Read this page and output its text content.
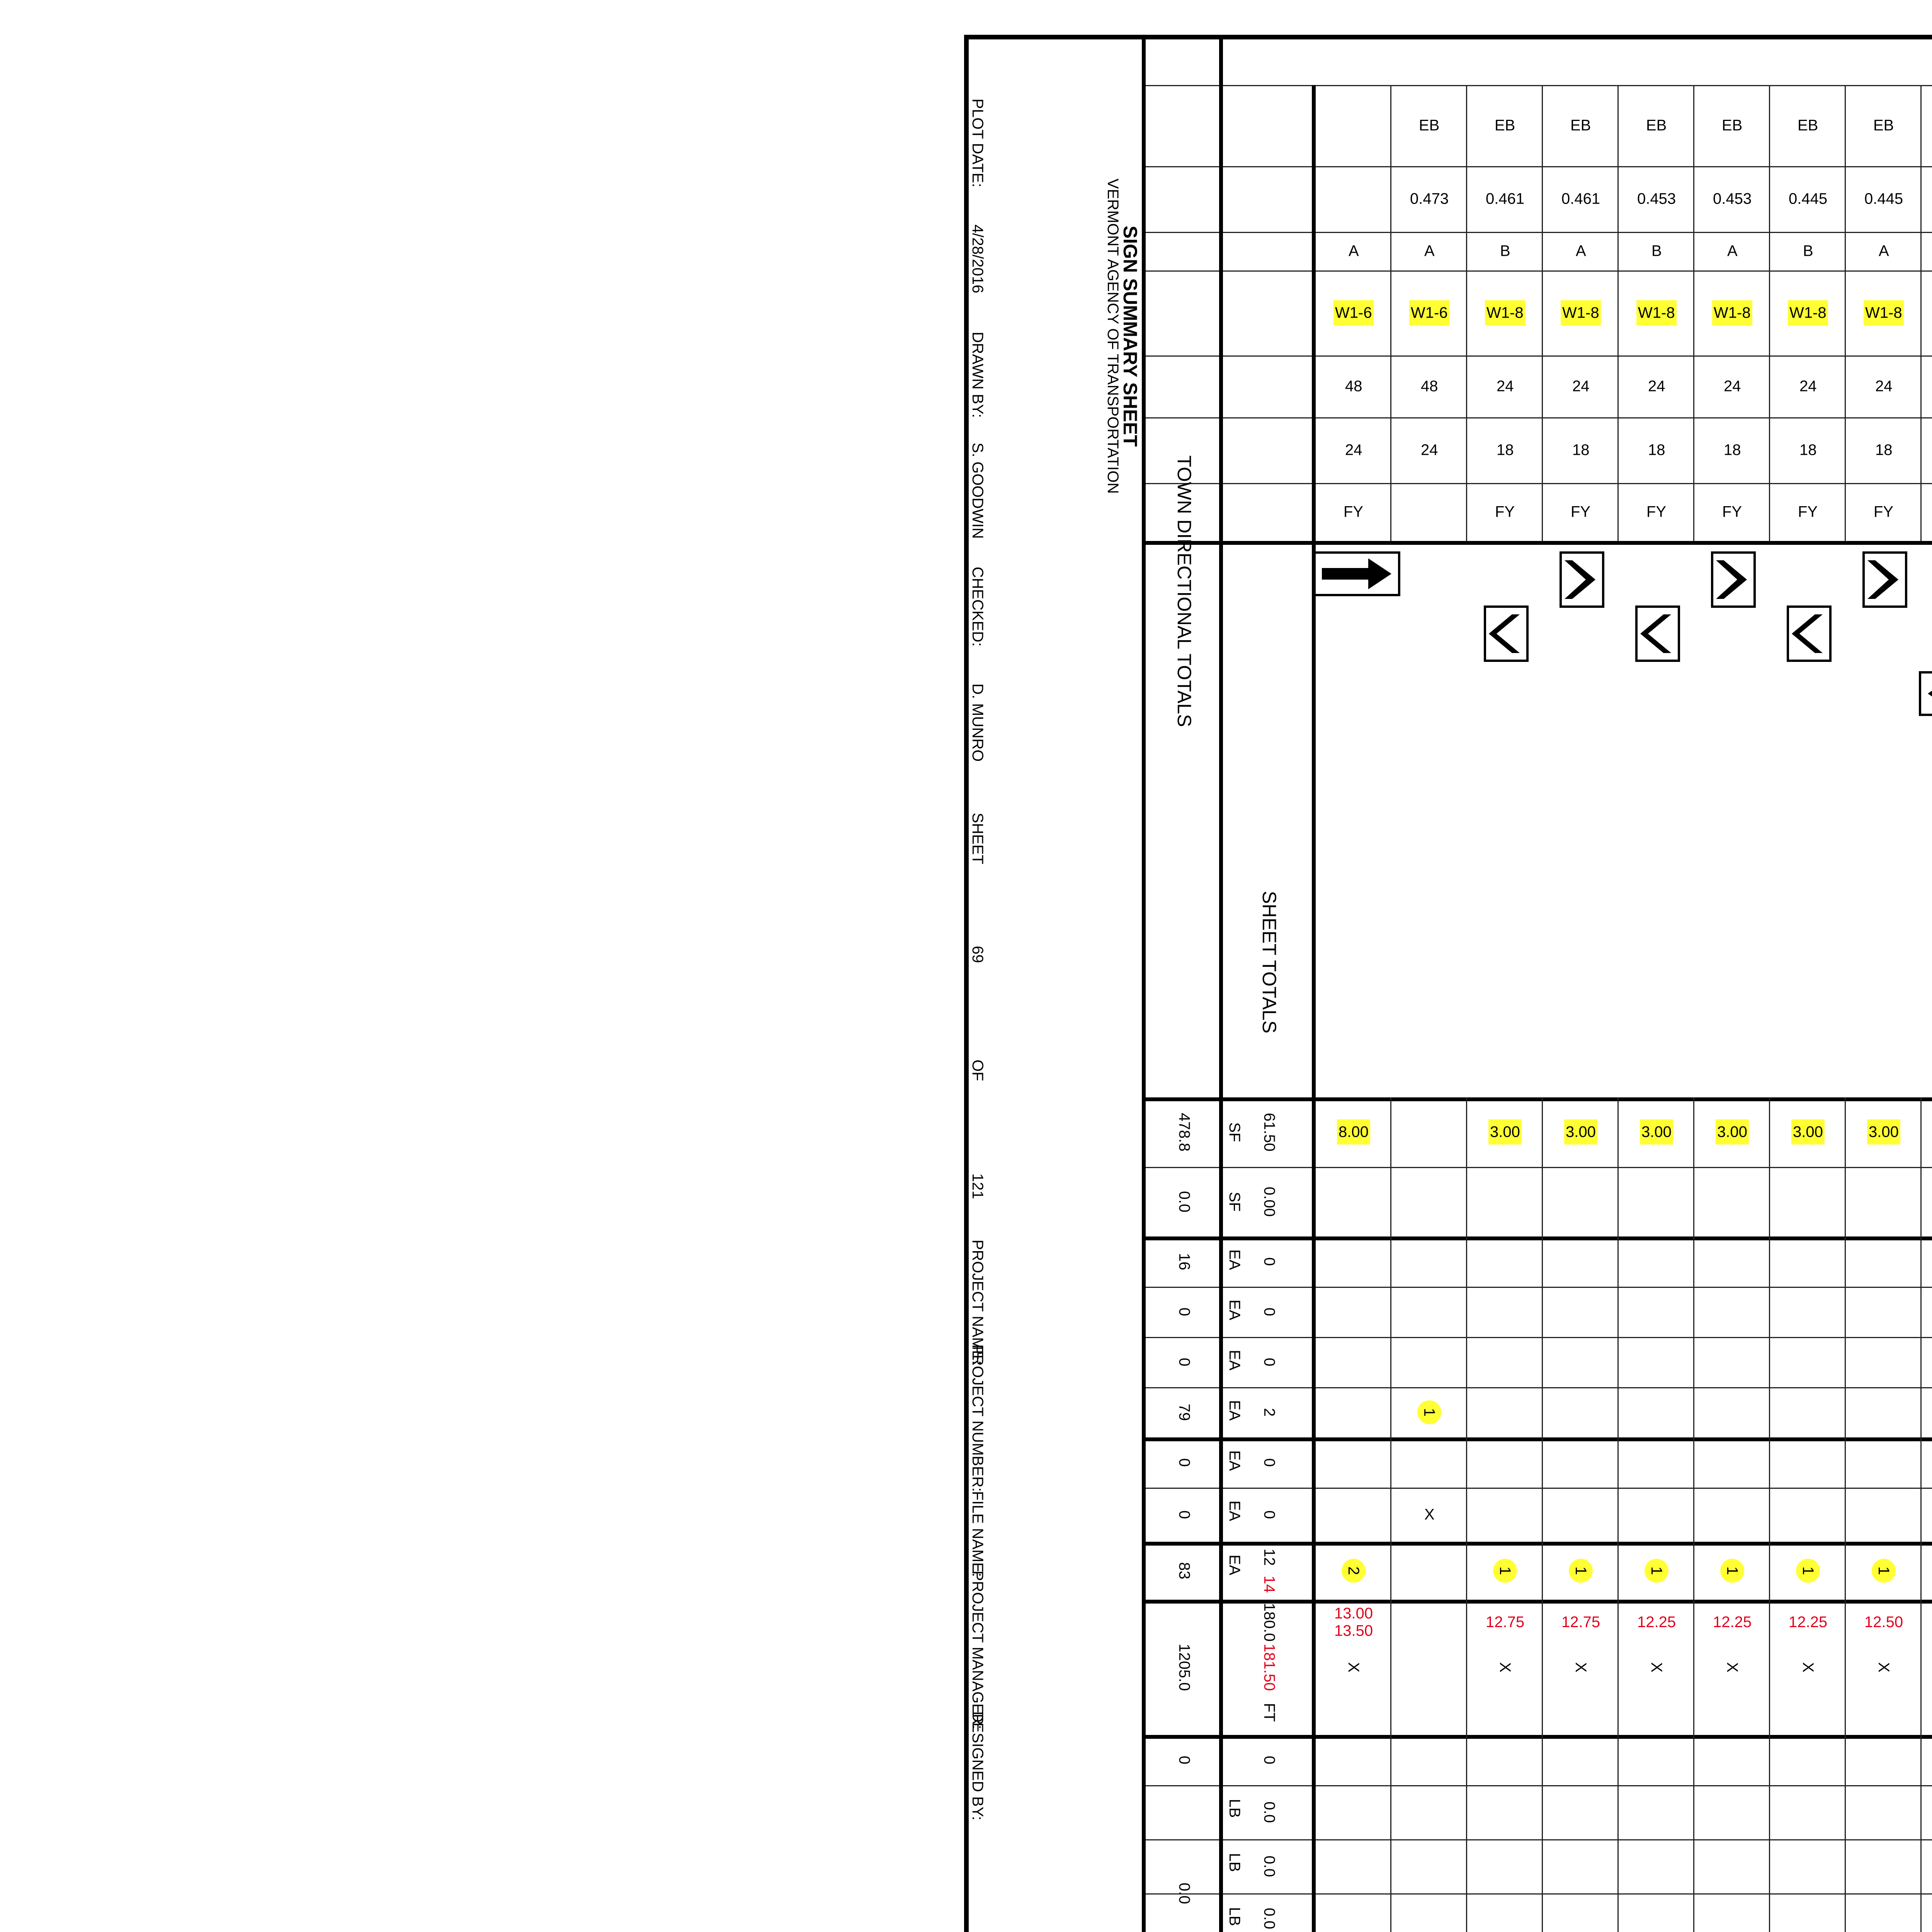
EB
0.445
A
W1-8
24
18
FY
3.00
1
12.50
X
EB
0.445
B
W1-8
24
18
FY
3.00
1
12.25
X
EB
0.453
A
W1-8
24
18
FY
3.00
1
12.25
X
EB
0.453
B
W1-8
24
18
FY
3.00
1
12.25
X
EB
0.461
A
W1-8
24
18
FY
3.00
1
12.75
X
EB
0.461
B
W1-8
24
18
FY
3.00
1
12.75
X
EB
0.473
A
W1-6
48
24
1
X
A
W1-6
48
24
FY
8.00
2
13.00 13.50
X
SHEET TOTALS
61.50
0.00
0
0
0
2
0
0
12
14
180.0
181.50
FT
0
0.0
0.0
0.0
SF
SF
EA
EA
EA
EA
EA
EA
EA
LB
LB
LB
TOWN DIRECTIONAL TOTALS
478.8
0.0
16
0
0
79
0
0
83
1205.0
0
0.0
SIGN SUMMARY SHEET
VERMONT AGENCY OF TRANSPORTATION
PLOT DATE:
4/28/2016
DRAWN BY:
S. GOODWIN
CHECKED:
D. MUNRO
SHEET
69
OF
121
PROJECT NAME:
PROJECT NUMBER:
FILE NAME:
PROJECT MANAGER:
DESIGNED BY:
